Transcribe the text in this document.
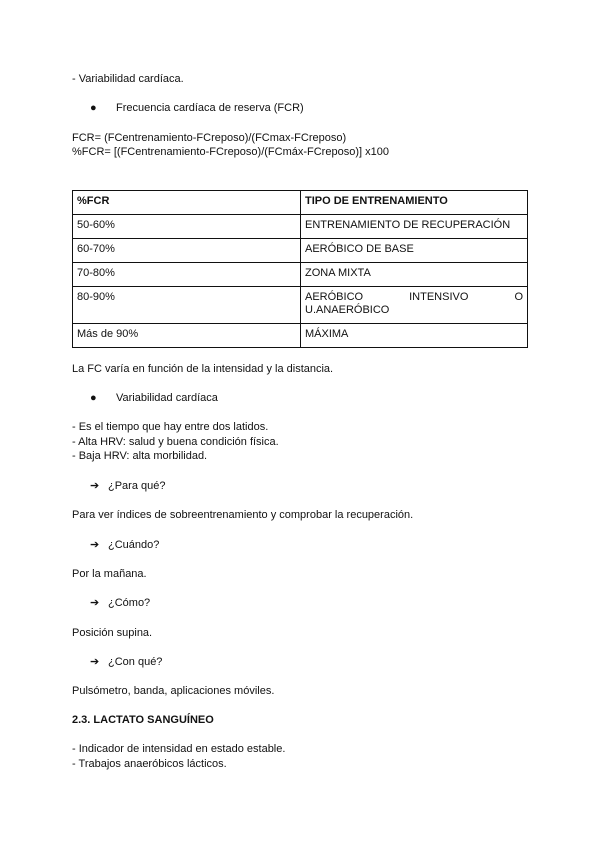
- Variabilidad cardíaca.
● Frecuencia cardíaca de reserva (FCR)
FCR= (FCentrenamiento-FCreposo)/(FCmax-FCreposo)
%FCR= [(FCentrenamiento-FCreposo)/(FCmáx-FCreposo)] x100
%FCR	TIPO DE ENTRENAMIENTO
50-60%	ENTRENAMIENTO DE RECUPERACIÓN
60-70%	AERÓBICO DE BASE
70-80%	ZONA MIXTA
80-90%	AERÓBICO INTENSIVO O
U.ANAERÓBICO

Más de 90%	MÁXIMA
La FC varía en función de la intensidad y la distancia.
● Variabilidad cardíaca
- Es el tiempo que hay entre dos latidos.
- Alta HRV: salud y buena condición física.
- Baja HRV: alta morbilidad.
➔ ¿Para qué?
Para ver índices de sobreentrenamiento y comprobar la recuperación.
➔ ¿Cuándo?
Por la mañana.
➔ ¿Cómo?
Posición supina.
➔ ¿Con qué?
Pulsómetro, banda, aplicaciones móviles.
2.3. LACTATO SANGUÍNEO
- Indicador de intensidad en estado estable.
- Trabajos anaeróbicos lácticos.
